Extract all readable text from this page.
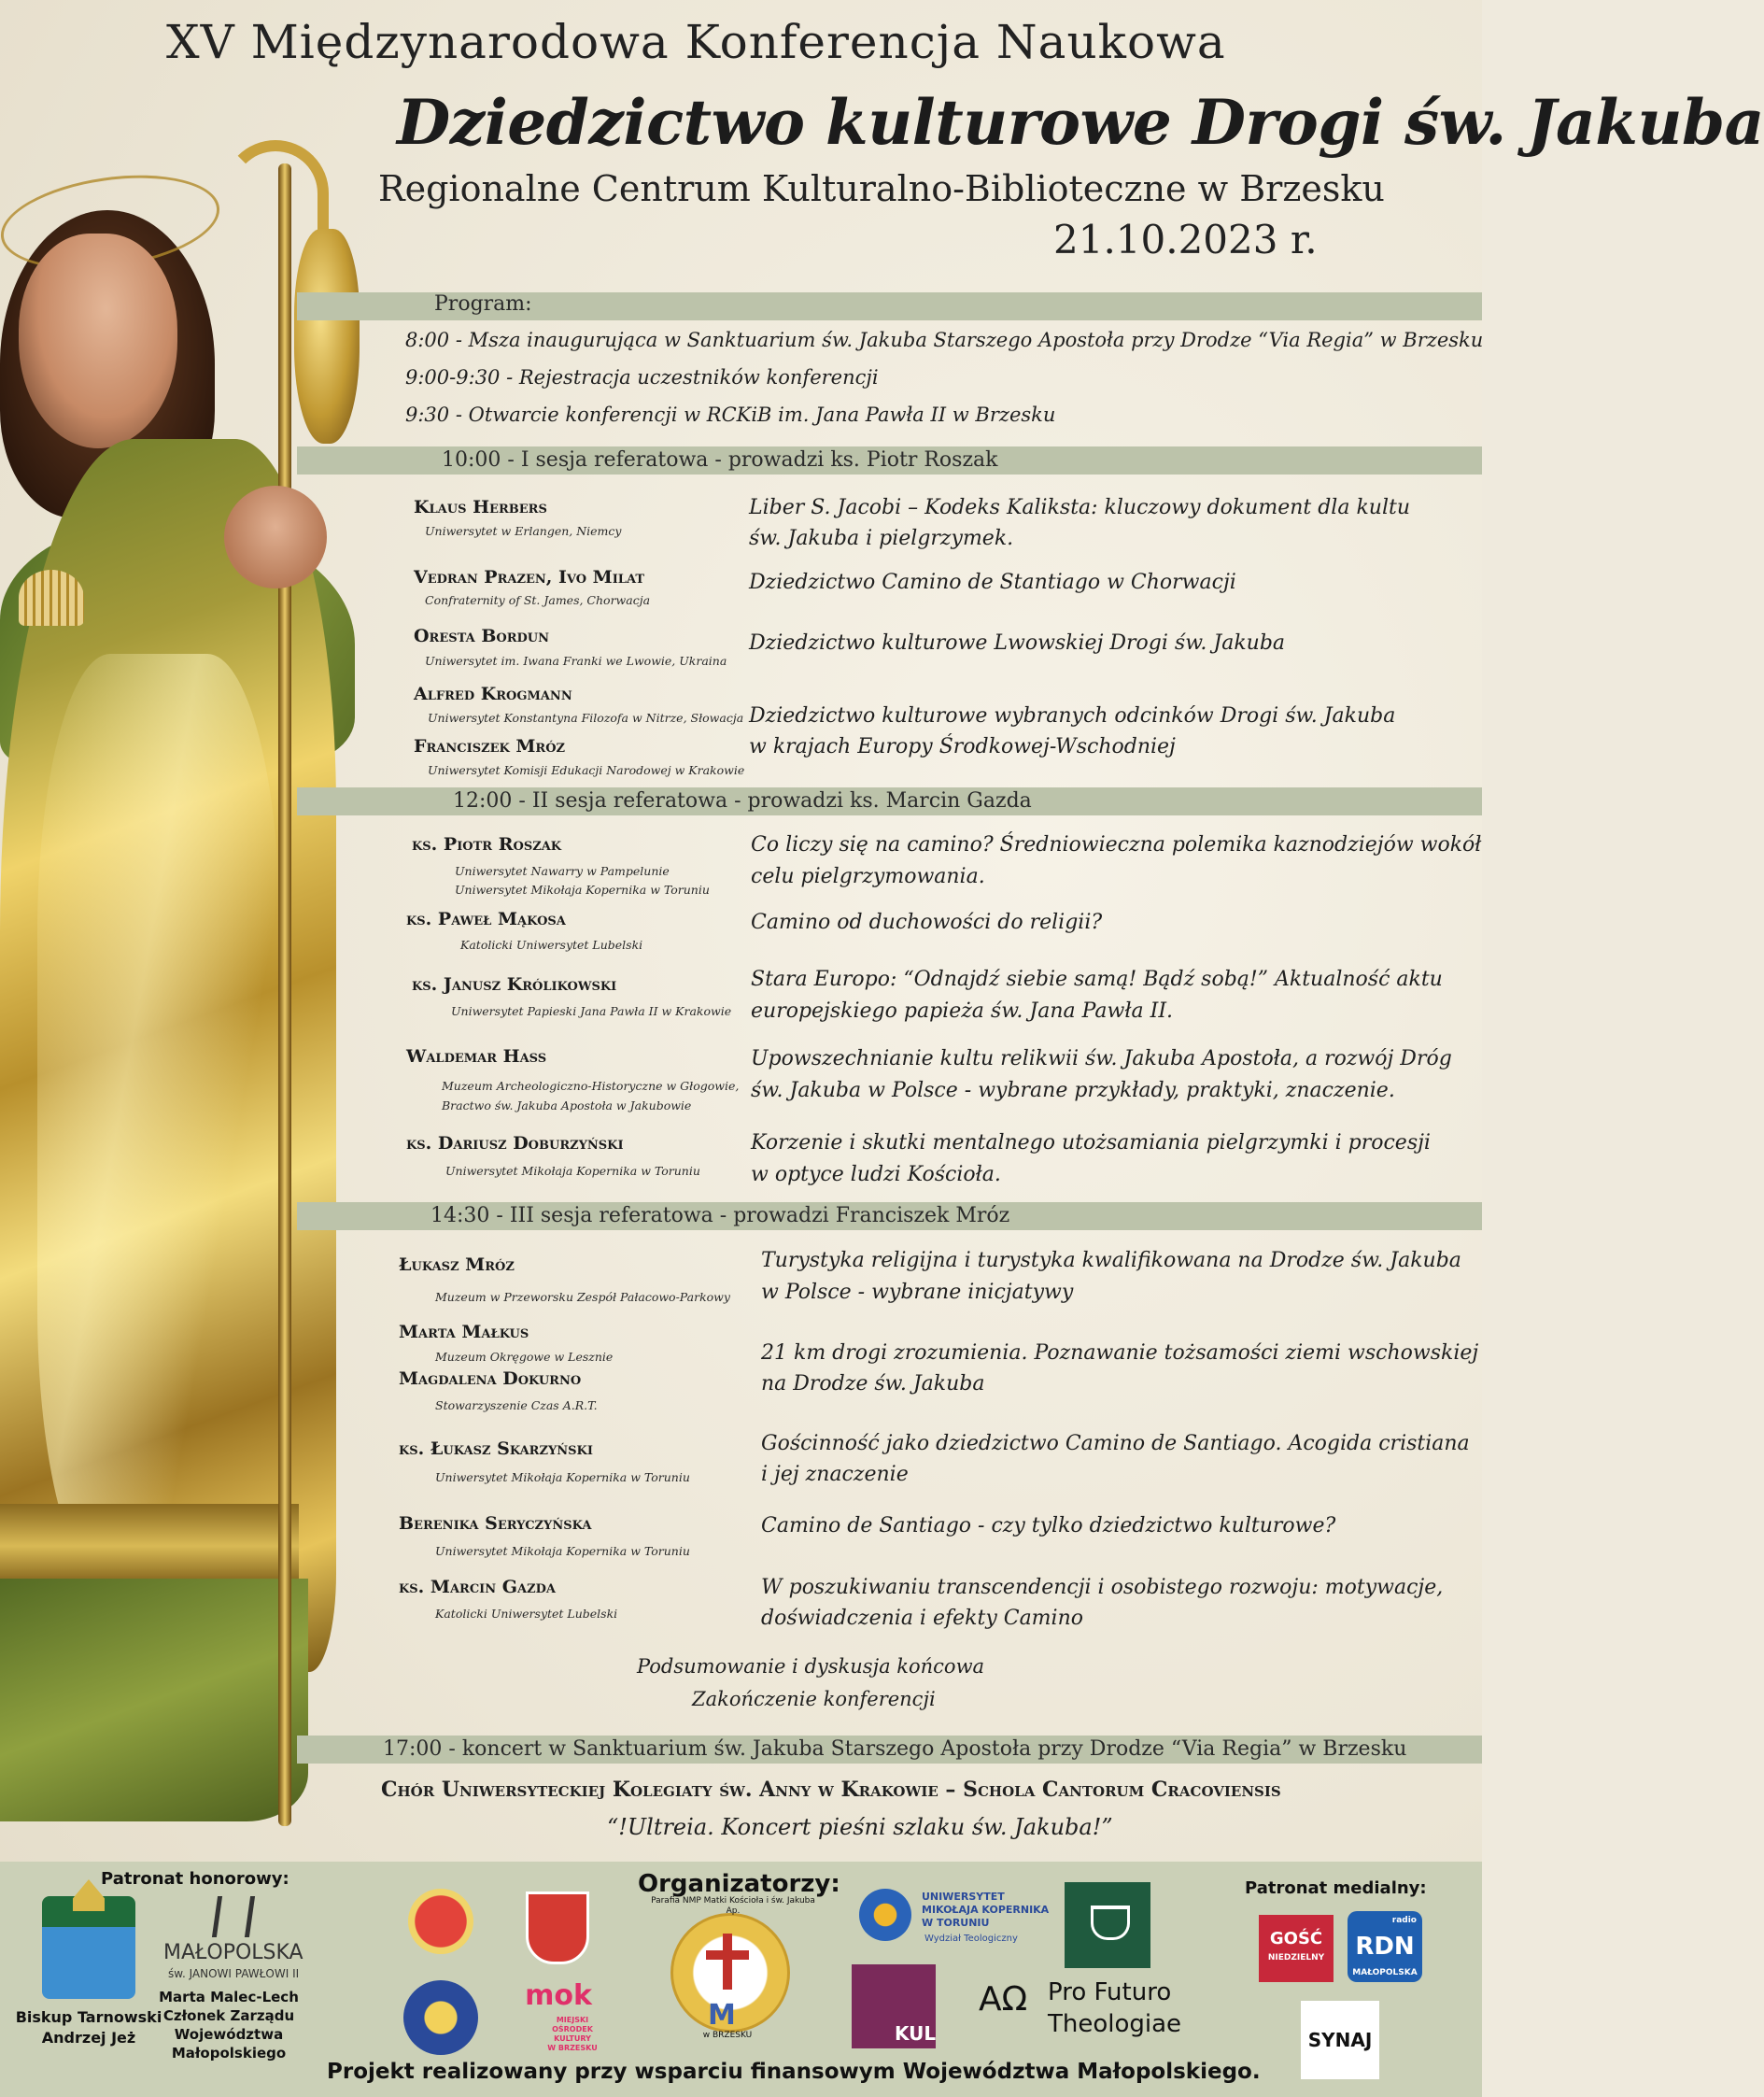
XV Międzynarodowa Konferencja Naukowa
Dziedzictwo kulturowe Drogi św. Jakuba
Regionalne Centrum Kulturalno-Biblioteczne w Brzesku
21.10.2023 r.
Program:
8:00 - Msza inaugurująca w Sanktuarium św. Jakuba Starszego Apostoła przy Drodze “Via Regia” w Brzesku
9:00-9:30 - Rejestracja uczestników konferencji
9:30 - Otwarcie konferencji w RCKiB im. Jana Pawła II w Brzesku
10:00 - I sesja referatowa - prowadzi ks. Piotr Roszak
Klaus Herbers
Uniwersytet w Erlangen, Niemcy
Liber S. Jacobi – Kodeks Kaliksta: kluczowy dokument dla kultu
św. Jakuba i pielgrzymek.
Vedran Prazen, Ivo Milat
Confraternity of St. James, Chorwacja
Dziedzictwo Camino de Stantiago w Chorwacji
Oresta Bordun
Uniwersytet im. Iwana Franki we Lwowie, Ukraina
Dziedzictwo kulturowe Lwowskiej Drogi św. Jakuba
Alfred Krogmann
Uniwersytet Konstantyna Filozofa w Nitrze, Słowacja Dziedzictwo kulturowe wybranych odcinków Drogi św. Jakuba
w krajach Europy Środkowej-Wschodniej
Franciszek Mróz
Uniwersytet Komisji Edukacji Narodowej w Krakowie
12:00 - II sesja referatowa - prowadzi ks. Marcin Gazda
ks. Piotr Roszak
Uniwersytet Nawarry w Pampelunie
Uniwersytet Mikołaja Kopernika w Toruniu
Co liczy się na camino? Średniowieczna polemika kaznodziejów wokół
celu pielgrzymowania.
ks. Paweł Mąkosa
Katolicki Uniwersytet Lubelski
Camino od duchowości do religii?
ks. Janusz Królikowski
Uniwersytet Papieski Jana Pawła II w Krakowie
Stara Europo: “Odnajdź siebie samą! Bądź sobą!” Aktualność aktu
europejskiego papieża św. Jana Pawła II.
Waldemar Hass
Muzeum Archeologiczno-Historyczne w Głogowie,
Bractwo św. Jakuba Apostoła w Jakubowie
Upowszechnianie kultu relikwii św. Jakuba Apostoła, a rozwój Dróg
św. Jakuba w Polsce - wybrane przykłady, praktyki, znaczenie.
ks. Dariusz Doburzyński
Uniwersytet Mikołaja Kopernika w Toruniu
Korzenie i skutki mentalnego utożsamiania pielgrzymki i procesji
w optyce ludzi Kościoła.
14:30 - III sesja referatowa - prowadzi Franciszek Mróz
Łukasz Mróz
Muzeum w Przeworsku Zespół Pałacowo-Parkowy
Turystyka religijna i turystyka kwalifikowana na Drodze św. Jakuba
w Polsce - wybrane inicjatywy
Marta Małkus
Muzeum Okręgowe w Lesznie	21 km drogi zrozumienia. Poznawanie tożsamości ziemi wschowskiej
na Drodze św. Jakuba
Magdalena Dokurno
Stowarzyszenie Czas A.R.T.
ks. Łukasz Skarzyński
Uniwersytet Mikołaja Kopernika w Toruniu
Gościnność jako dziedzictwo Camino de Santiago. Acogida cristiana
i jej znaczenie
Berenika Seryczyńska
Uniwersytet Mikołaja Kopernika w Toruniu
Camino de Santiago - czy tylko dziedzictwo kulturowe?
ks. Marcin Gazda
Katolicki Uniwersytet Lubelski
W poszukiwaniu transcendencji i osobistego rozwoju: motywacje,
doświadczenia i efekty Camino
Podsumowanie i dyskusja końcowa
Zakończenie konferencji
17:00 - koncert w Sanktuarium św. Jakuba Starszego Apostoła przy Drodze “Via Regia” w Brzesku
Chór Uniwersyteckiej Kolegiaty św. Anny w Krakowie – Schola Cantorum Cracoviensis
“!Ultreia. Koncert pieśni szlaku św. Jakuba!”
Patronat honorowy:
Biskup Tarnowski
Andrzej Jeż
MAŁOPOLSKA
św. JANOWI PAWŁOWI II
Marta Malec-Lech
Członek Zarządu
Województwa
Małopolskiego
mok
MIEJSKI
OŚRODEK
KULTURY
W BRZESKU
Organizatorzy:
M
Parafia NMP Matki Kościoła i św. Jakuba Ap.
w BRZESKU
UNIWERSYTET
MIKOŁAJA KOPERNIKA
W TORUNIU
Wydział Teologiczny
KUL
ΑΩ Pro Futuro
Theologiae
Patronat medialny:
GOŚĆ
NIEDZIELNY
radio
RDN
MAŁOPOLSKA
SYNAJ
Projekt realizowany przy wsparciu finansowym Województwa Małopolskiego.
